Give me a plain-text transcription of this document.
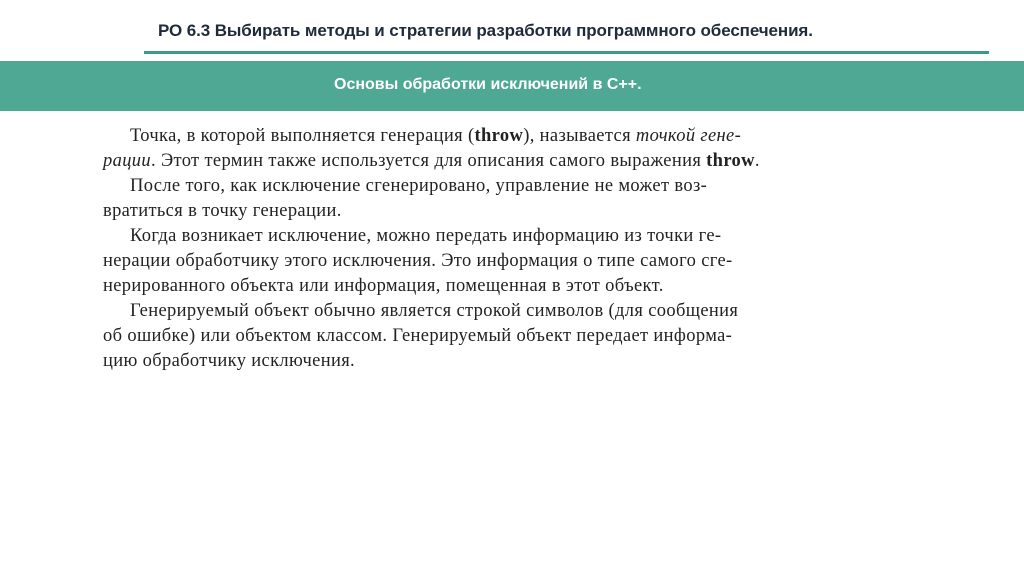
РО 6.3 Выбирать методы и стратегии разработки программного обеспечения.
Основы обработки исключений в С++.
Точка, в которой выполняется генерация (throw), называется точкой гене-
рации. Этот термин также используется для описания самого выражения throw.
После того, как исключение сгенерировано, управление не может воз-
вратиться в точку генерации.
Когда возникает исключение, можно передать информацию из точки ге-
нерации обработчику этого исключения. Это информация о типе самого сге-
нерированного объекта или информация, помещенная в этот объект.
Генерируемый объект обычно является строкой символов (для сообщения
об ошибке) или объектом классом. Генерируемый объект передает информа-
цию обработчику исключения.
